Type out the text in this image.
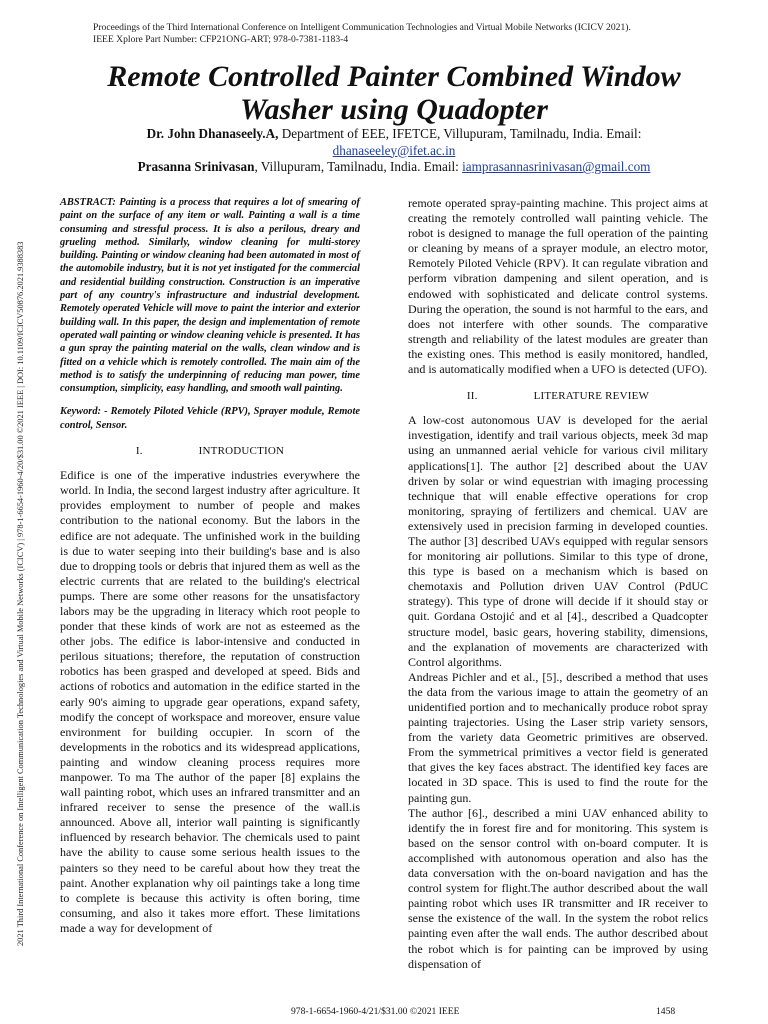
Proceedings of the Third International Conference on Intelligent Communication Technologies and Virtual Mobile Networks (ICICV 2021).
IEEE Xplore Part Number: CFP21ONG-ART; 978-0-7381-1183-4
2021 Third International Conference on Intelligent Communication Technologies and Virtual Mobile Networks (ICICV) | 978-1-6654-1960-4/20/$31.00 ©2021 IEEE | DOI: 10.1109/ICICV50876.2021.9388383
Remote Controlled Painter Combined Window
Washer using Quadopter
Dr. John Dhanaseely.A, Department of EEE, IFETCE, Villupuram, Tamilnadu, India. Email:
dhanaseeley@ifet.ac.in
Prasanna Srinivasan, Villupuram, Tamilnadu, India. Email: iamprasannasrinivasan@gmail.com

ABSTRACT: Painting is a process that requires a lot of smearing of paint on the surface of any item or wall. Painting a wall is a time consuming and stressful process. It is also a perilous, dreary and grueling method. Similarly, window cleaning for multi-storey building. Painting or window cleaning had been automated in most of the automobile industry, but it is not yet instigated for the commercial and residential building construction. Construction is an imperative part of any country's infrastructure and industrial development. Remotely operated Vehicle will move to paint the interior and exterior building wall. In this paper, the design and implementation of remote operated wall painting or window cleaning vehicle is presented. It has a gun spray the painting material on the walls, clean window and is fitted on a vehicle which is remotely controlled. The main aim of the method is to satisfy the underpinning of reducing man power, time consumption, simplicity, easy handling, and smooth wall painting.

Keyword: - Remotely Piloted Vehicle (RPV), Sprayer module, Remote control, Sensor.

I.	INTRODUCTION

Edifice is one of the imperative industries everywhere the world. In India, the second largest industry after agriculture. It provides employment to number of people and makes contribution to the national economy. But the labors in the edifice are not adequate. The unfinished work in the building is due to water seeping into their building's base and is also due to dropping tools or debris that injured them as well as the electric currents that are related to the building's electrical pumps. There are some other reasons for the unsatisfactory labors may be the upgrading in literacy which root people to ponder that these kinds of work are not as esteemed as the other jobs. The edifice is labor-intensive and conducted in perilous situations; therefore, the reputation of construction robotics has been grasped and developed at speed. Bids and actions of robotics and automation in the edifice started in the early 90's aiming to upgrade gear operations, expand safety, modify the concept of workspace and moreover, ensure value environment for building occupier. In scorn of the developments in the robotics and its widespread applications, painting and window cleaning process requires more manpower. To ma The author of the paper [8] explains the wall painting robot, which uses an infrared transmitter and an infrared receiver to sense the presence of the wall.is announced. Above all, interior wall painting is significantly influenced by research behavior. The chemicals used to paint have the ability to cause some serious health issues to the painters so they need to be careful about how they treat the paint. Another explanation why oil paintings take a long time to complete is because this activity is often boring, time consuming, and also it takes more effort. These limitations made a way for development of

remote operated spray-painting machine. This project aims at creating the remotely controlled wall painting vehicle. The robot is designed to manage the full operation of the painting or cleaning by means of a sprayer module, an electro motor, Remotely Piloted Vehicle (RPV). It can regulate vibration and perform vibration dampening and silent operation, and is endowed with sophisticated and delicate control systems. During the operation, the sound is not harmful to the ears, and does not interfere with other sounds. The comparative strength and reliability of the latest modules are greater than the existing ones. This method is easily monitored, handled, and is automatically modified when a UFO is detected (UFO).

II.	LITERATURE REVIEW

A low-cost autonomous UAV is developed for the aerial investigation, identify and trail various objects, meek 3d map using an unmanned aerial vehicle for various civil military applications[1]. The author [2] described about the UAV driven by solar or wind equestrian with imaging processing technique that will enable effective operations for crop monitoring, spraying of fertilizers and chemical. UAV are extensively used in precision farming in developed counties. The author [3] described UAVs equipped with regular sensors for monitoring air pollutions. Similar to this type of drone, this type is based on a mechanism which is based on chemotaxis and Pollution driven UAV Control (PdUC strategy). This type of drone will decide if it should stay or quit. Gordana Ostojić and et al [4]., described a Quadcopter structure model, basic gears, hovering stability, dimensions, and the explanation of movements are characterized with Control algorithms.

Andreas Pichler and et al., [5]., described a method that uses the data from the various image to attain the geometry of an unidentified portion and to mechanically produce robot spray painting trajectories. Using the Laser strip variety sensors, from the variety data Geometric primitives are observed. From the symmetrical primitives a vector field is generated that gives the key faces abstract. The identified key faces are located in 3D space. This is used to find the route for the painting gun.

The author [6]., described a mini UAV enhanced ability to identify the in forest fire and for monitoring. This system is based on the sensor control with on-board computer. It is accomplished with autonomous operation and also has the data conversation with the on-board navigation and has the control system for flight.The author described about the wall painting robot which uses IR transmitter and IR receiver to sense the existence of the wall. In the system the robot relics painting even after the wall ends. The author described about the robot which is for painting can be improved by using dispensation of

978-1-6654-1960-4/21/$31.00 ©2021 IEEE	1458
